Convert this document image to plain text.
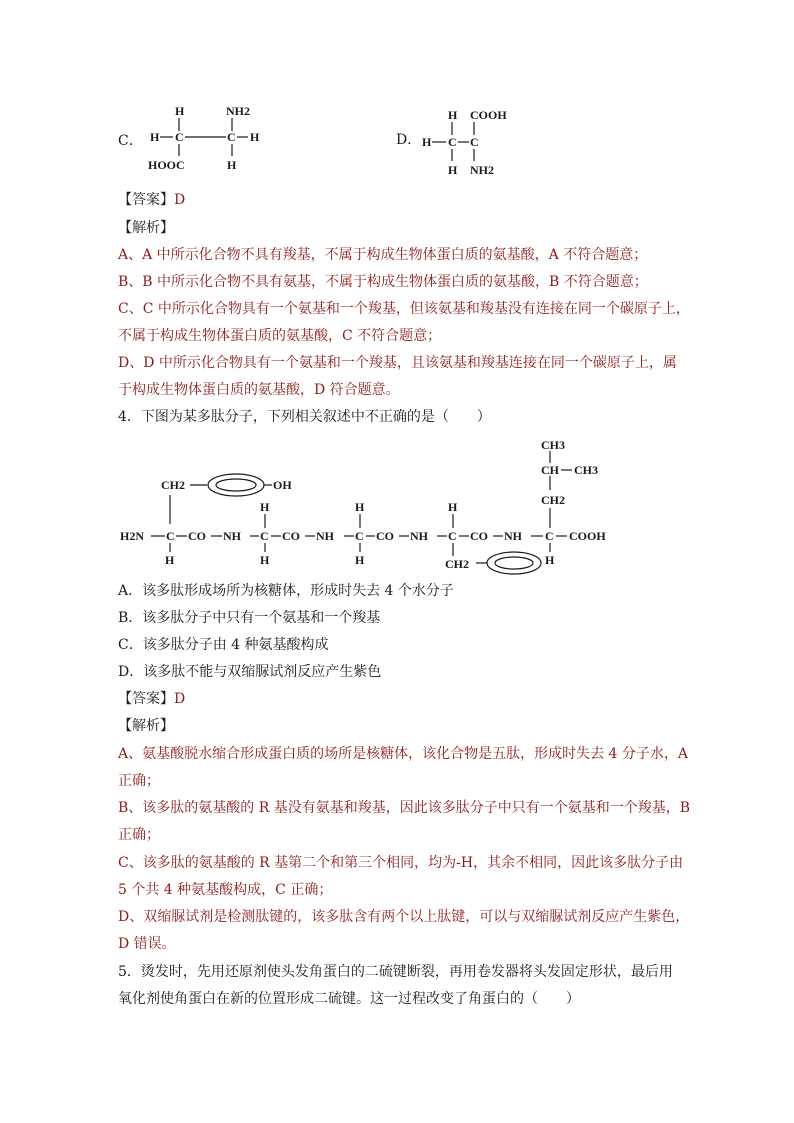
C．
H	NH2
H C	C H
HOOC	H
D．
H COOH
H C C
H NH2
【答案】D
【解析】
A、A 中所示化合物不具有羧基，不属于构成生物体蛋白质的氨基酸，A 不符合题意；
B、B 中所示化合物不具有氨基，不属于构成生物体蛋白质的氨基酸，B 不符合题意；
C、C 中所示化合物具有一个氨基和一个羧基，但该氨基和羧基没有连接在同一个碳原子上，
不属于构成生物体蛋白质的氨基酸，C 不符合题意；
D、D 中所示化合物具有一个氨基和一个羧基，且该氨基和羧基连接在同一个碳原子上，属
于构成生物体蛋白质的氨基酸，D 符合题意。
4．下图为某多肽分子，下列相关叙述中不正确的是（　　）
CH3
CH CH3
CH2
CH2	OH
H	H	H
H2N C CO NH C CO NH C CO NH C CO NH C COOH
H	H	H	CH2	H
A．该多肽形成场所为核糖体，形成时失去 4 个水分子
B．该多肽分子中只有一个氨基和一个羧基
C．该多肽分子由 4 种氨基酸构成
D．该多肽不能与双缩脲试剂反应产生紫色
【答案】D
【解析】
A、氨基酸脱水缩合形成蛋白质的场所是核糖体，该化合物是五肽，形成时失去 4 分子水，A
正确；
B、该多肽的氨基酸的 R 基没有氨基和羧基，因此该多肽分子中只有一个氨基和一个羧基，B
正确；
C、该多肽的氨基酸的 R 基第二个和第三个相同，均为-H，其余不相同，因此该多肽分子由
5 个共 4 种氨基酸构成，C 正确；
D、双缩脲试剂是检测肽键的，该多肽含有两个以上肽键，可以与双缩脲试剂反应产生紫色，
D 错误。
5．烫发时，先用还原剂使头发角蛋白的二硫键断裂，再用卷发器将头发固定形状，最后用
氧化剂使角蛋白在新的位置形成二硫键。这一过程改变了角蛋白的（　　）
